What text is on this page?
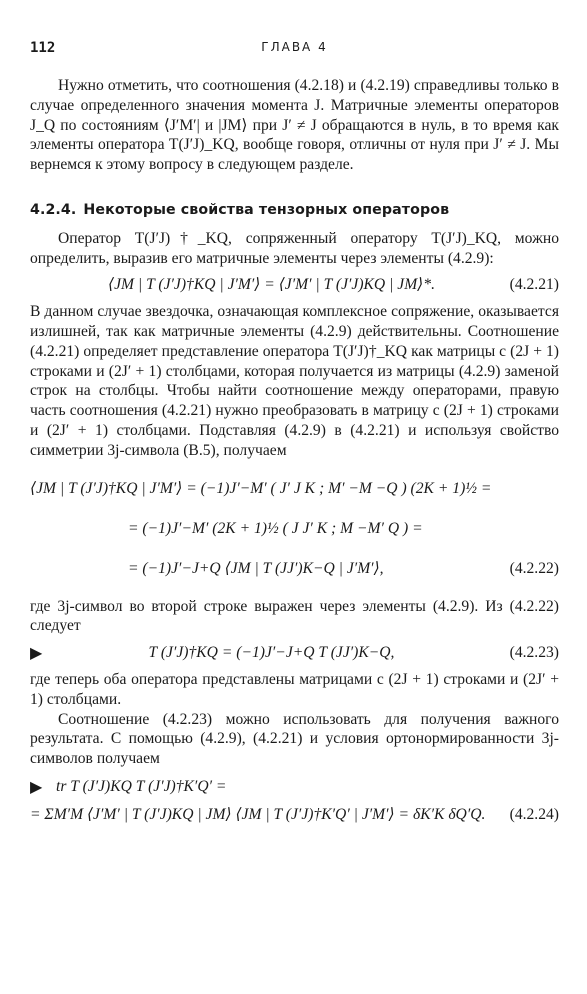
112	ГЛАВА 4

Нужно отметить, что соотношения (4.2.18) и (4.2.19) справедливы только в случае определенного значения момента J. Матричные элементы операторов J_Q по состояниям ⟨J′M′| и |JM⟩ при J′ ≠ J обращаются в нуль, в то время как элементы оператора T(J′J)_KQ, вообще говоря, отличны от нуля при J′ ≠ J. Мы вернемся к этому вопросу в следующем разделе.

4.2.4. Некоторые свойства тензорных операторов

Оператор T(J′J)†_KQ, сопряженный оператору T(J′J)_KQ, можно определить, выразив его матричные элементы через элементы (4.2.9):

⟨JM | T (J′J)†KQ | J′M′⟩ = ⟨J′M′ | T (J′J)KQ | JM⟩*.	(4.2.21)

В данном случае звездочка, означающая комплексное сопряжение, оказывается излишней, так как матричные элементы (4.2.9) действительны. Соотношение (4.2.21) определяет представление оператора T(J′J)†_KQ как матрицы с (2J + 1) строками и (2J′ + 1) столбцами, которая получается из матрицы (4.2.9) заменой строк на столбцы. Чтобы найти соотношение между операторами, правую часть соотношения (4.2.21) нужно преобразовать в матрицу с (2J + 1) строками и (2J′ + 1) столбцами. Подставляя (4.2.9) в (4.2.21) и используя свойство симметрии 3j-символа (В.5), получаем

⟨JM | T (J′J)†KQ | J′M′⟩ = (−1)J′−M′ ( J′ J K ; M′ −M −Q ) (2K + 1)½ =
= (−1)J′−M′ (2K + 1)½ ( J J′ K ; M −M′ Q ) =
= (−1)J′−J+Q ⟨JM | T (JJ′)K−Q | J′M′⟩,	(4.2.22)

где 3j-символ во второй строке выражен через элементы (4.2.9). Из (4.2.22) следует

▶	T (J′J)†KQ = (−1)J′−J+Q T (JJ′)K−Q,	(4.2.23)

где теперь оба оператора представлены матрицами с (2J + 1) строками и (2J′ + 1) столбцами.

Соотношение (4.2.23) можно использовать для получения важного результата. С помощью (4.2.9), (4.2.21) и условия ортонормированности 3j-символов получаем

▶ tr T (J′J)KQ T (J′J)†K′Q′ =
= ΣM′M ⟨J′M′ | T (J′J)KQ | JM⟩ ⟨JM | T (J′J)†K′Q′ | J′M′⟩ = δK′K δQ′Q.	(4.2.24)
